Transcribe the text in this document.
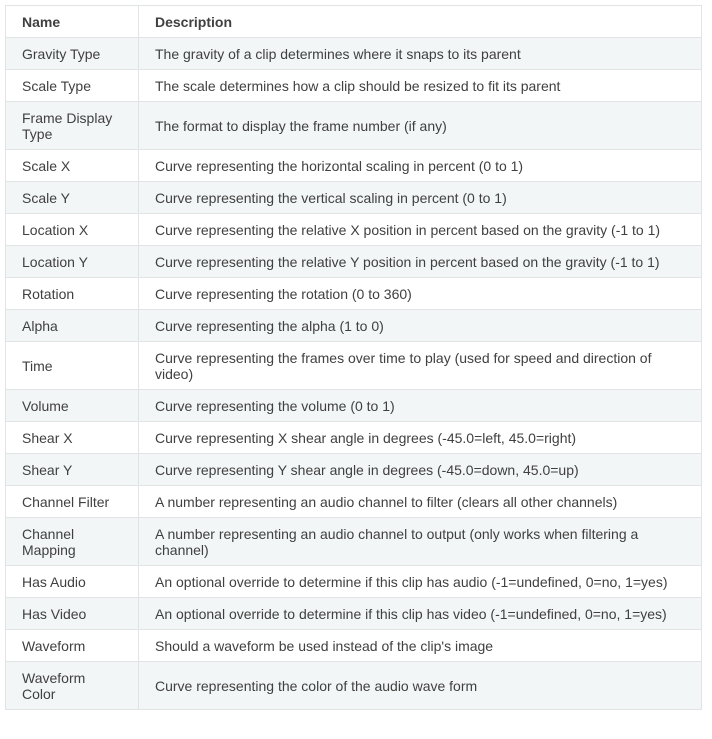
Name	Description
Gravity Type	The gravity of a clip determines where it snaps to its parent
Scale Type	The scale determines how a clip should be resized to fit its parent
Frame Display Type	The format to display the frame number (if any)
Scale X	Curve representing the horizontal scaling in percent (0 to 1)
Scale Y	Curve representing the vertical scaling in percent (0 to 1)
Location X	Curve representing the relative X position in percent based on the gravity (-1 to 1)
Location Y	Curve representing the relative Y position in percent based on the gravity (-1 to 1)
Rotation	Curve representing the rotation (0 to 360)
Alpha	Curve representing the alpha (1 to 0)
Time	Curve representing the frames over time to play (used for speed and direction of video)
Volume	Curve representing the volume (0 to 1)
Shear X	Curve representing X shear angle in degrees (-45.0=left, 45.0=right)
Shear Y	Curve representing Y shear angle in degrees (-45.0=down, 45.0=up)
Channel Filter	A number representing an audio channel to filter (clears all other channels)
Channel Mapping	A number representing an audio channel to output (only works when filtering a channel)
Has Audio	An optional override to determine if this clip has audio (-1=undefined, 0=no, 1=yes)
Has Video	An optional override to determine if this clip has video (-1=undefined, 0=no, 1=yes)
Waveform	Should a waveform be used instead of the clip's image
Waveform Color	Curve representing the color of the audio wave form
